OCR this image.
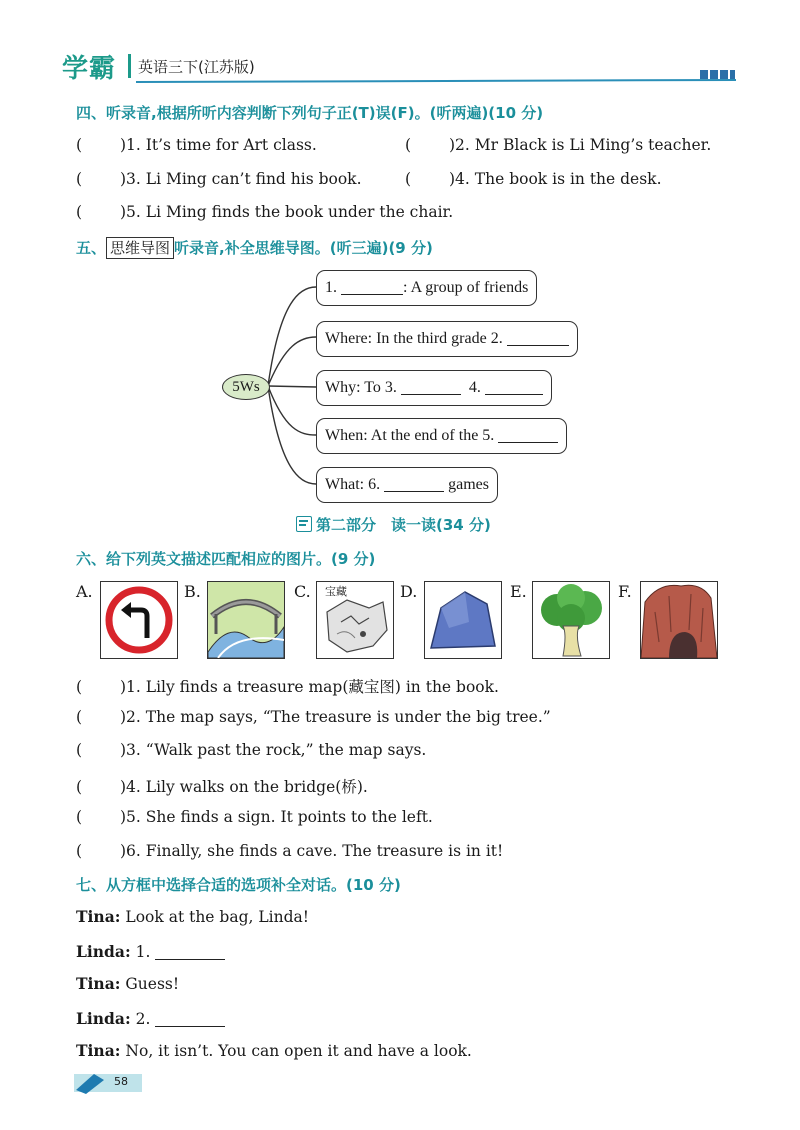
学霸 英语三下(江苏版)
四、听录音,根据所听内容判断下列句子正(T)误(F)。(听两遍)(10 分)
( )1. It’s time for Art class.	( )2. Mr Black is Li Ming’s teacher.
( )3. Li Ming can’t find his book.	( )4. The book is in the desk.
( )5. Li Ming finds the book under the chair.
五、 思维导图 听录音,补全思维导图。(听三遍)(9 分)
5Ws
1.	: A group of friends
Where: In the third grade 2.
Why: To 3.	4.
When: At the end of the 5.
What: 6.	games
第二部分　读一读(34 分)
六、给下列英文描述匹配相应的图片。(9 分)
A.	B.	C.	D.	E.	F.
宝藏
( )1. Lily finds a treasure map(藏宝图) in the book.
( )2. The map says, “The treasure is under the big tree.”
( )3. “Walk past the rock,” the map says.
( )4. Lily walks on the bridge(桥).
( )5. She finds a sign. It points to the left.
( )6. Finally, she finds a cave. The treasure is in it!
七、从方框中选择合适的选项补全对话。(10 分)
Tina: Look at the bag, Linda!
Linda: 1.
Tina: Guess!
Linda: 2.
Tina: No, it isn’t. You can open it and have a look.
58
